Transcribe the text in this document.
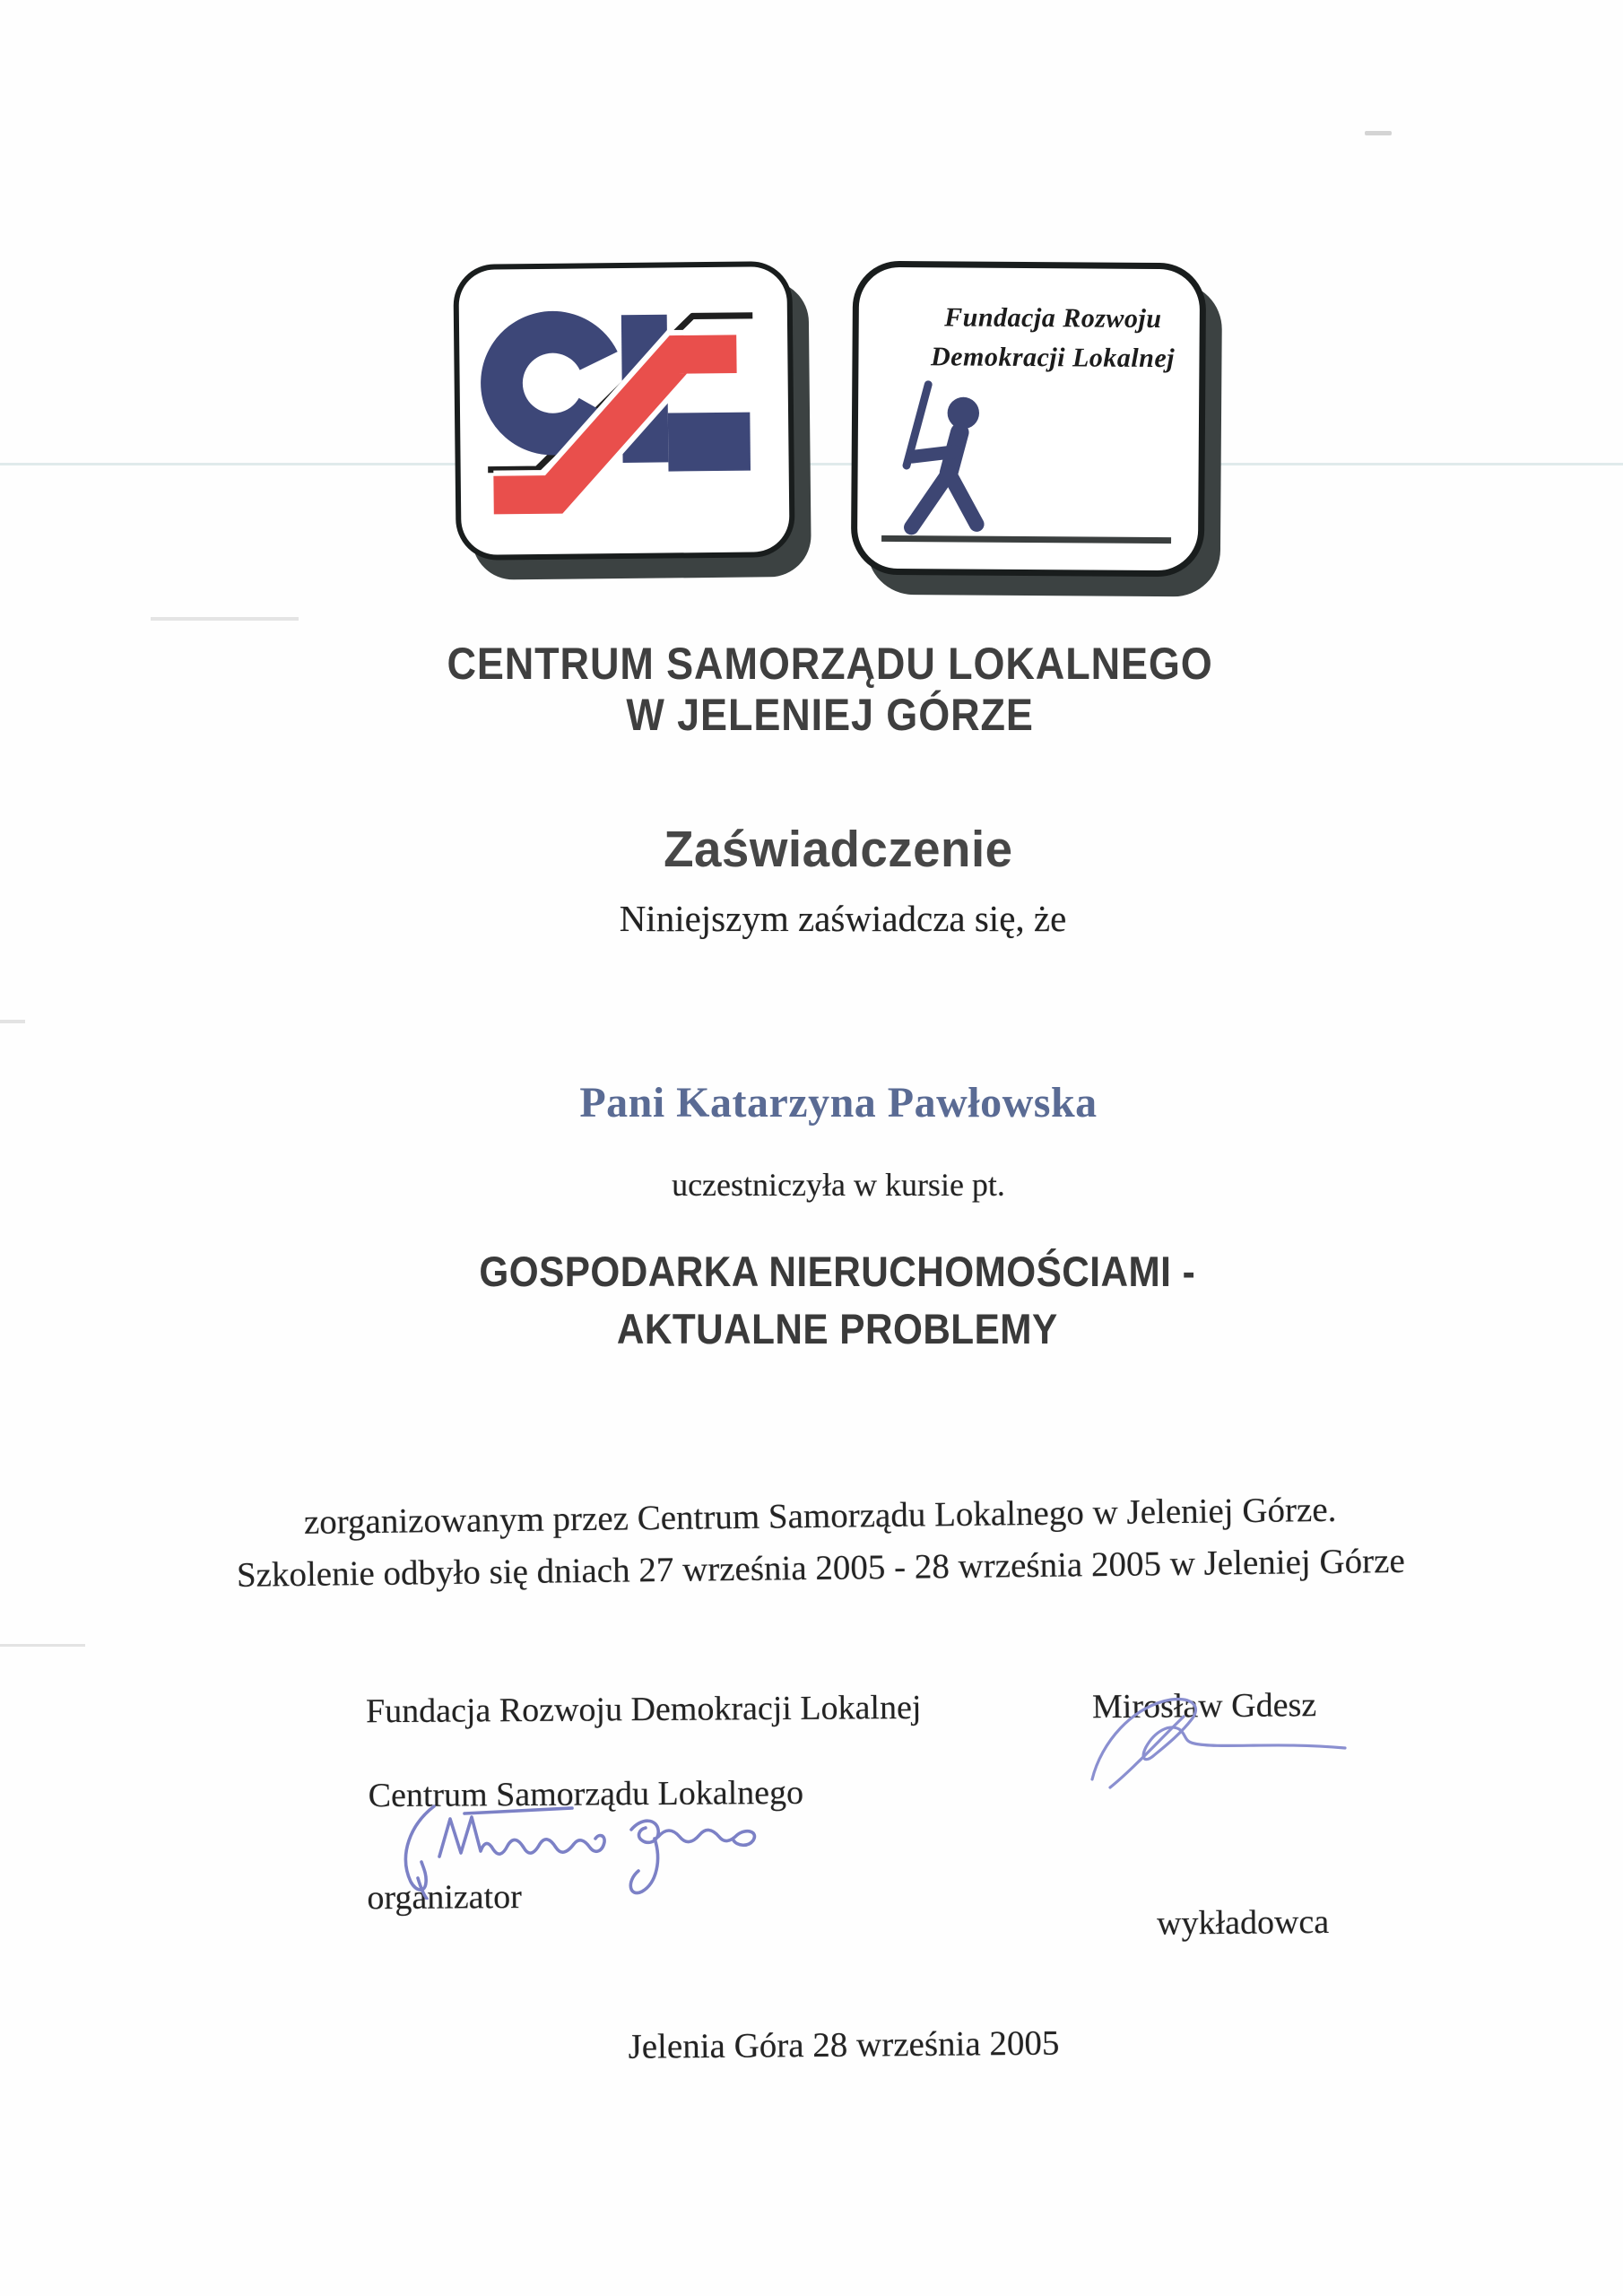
Fundacja Rozwoju
Demokracji Lokalnej
CENTRUM SAMORZĄDU LOKALNEGO
W JELENIEJ GÓRZE
Zaświadczenie
Niniejszym zaświadcza się, że
Pani Katarzyna Pawłowska
uczestniczyła w kursie pt.
GOSPODARKA NIERUCHOMOŚCIAMI -
AKTUALNE PROBLEMY
zorganizowanym przez Centrum Samorządu Lokalnego w Jeleniej Górze.
Szkolenie odbyło się dniach 27 września 2005 - 28 września 2005 w Jeleniej Górze
Fundacja Rozwoju Demokracji Lokalnej
Centrum Samorządu Lokalnego
organizator
Mirosław Gdesz
wykładowca
Jelenia Góra 28 września 2005
